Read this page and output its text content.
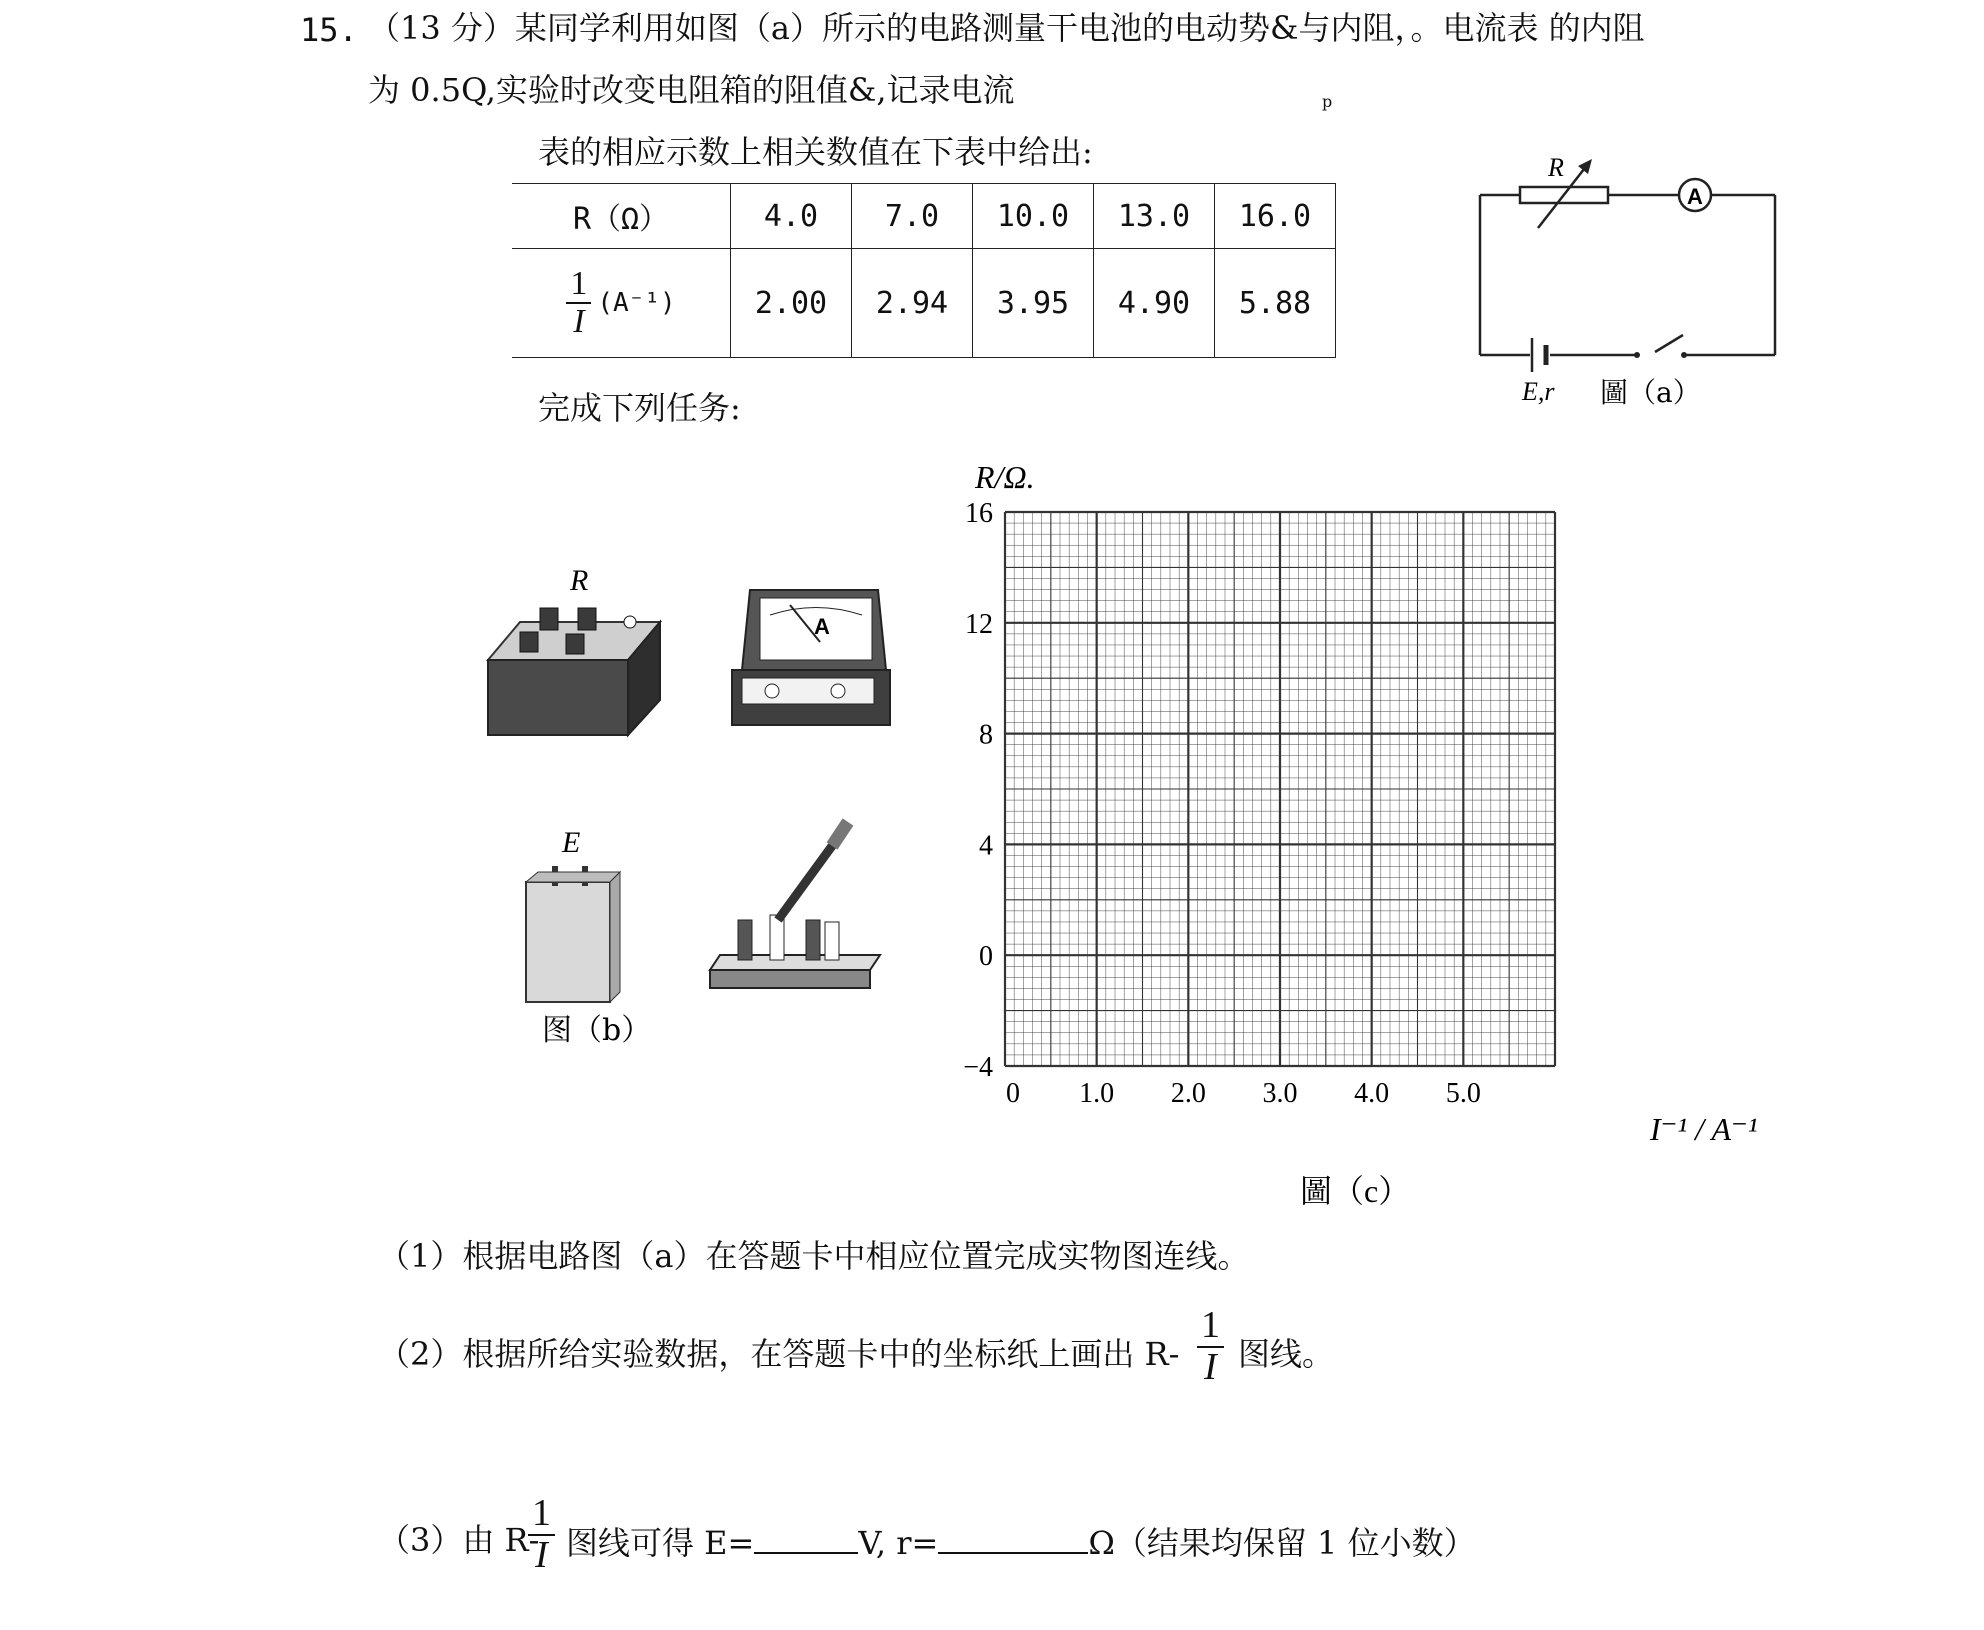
15. （13 分）某同学利用如图（a）所示的电路测量干电池的电动势&与内阻，。电流表 的内阻
为 0.5Q,实验时改变电阻箱的阻值&,记录电流	p
表的相应示数上相关数值在下表中给出:
R（Ω）	4.0	7.0	10.0	13.0	16.0

$\frac{1}{I} (A^{-1})$	2.00	2.94	3.95	4.90	5.88
完成下列任务:
R
A
E,r 圖（a）
R
A
E
图（b）
16
12
8
4
0
−4
0 1.0 2.0 3.0 4.0 5.0
R/Ω.
I⁻¹ / A⁻¹
圖（c）
（1）根据电路图（a）在答题卡中相应位置完成实物图连线。
（2）根据所给实验数据，在答题卡中的坐标纸上画出 $R- \frac{1}{I}$ 图线。
（3）由 R-
$\frac{1}{I}$ 图线可得 E=	V, r=	Ω（结果均保留 1 位小数）
